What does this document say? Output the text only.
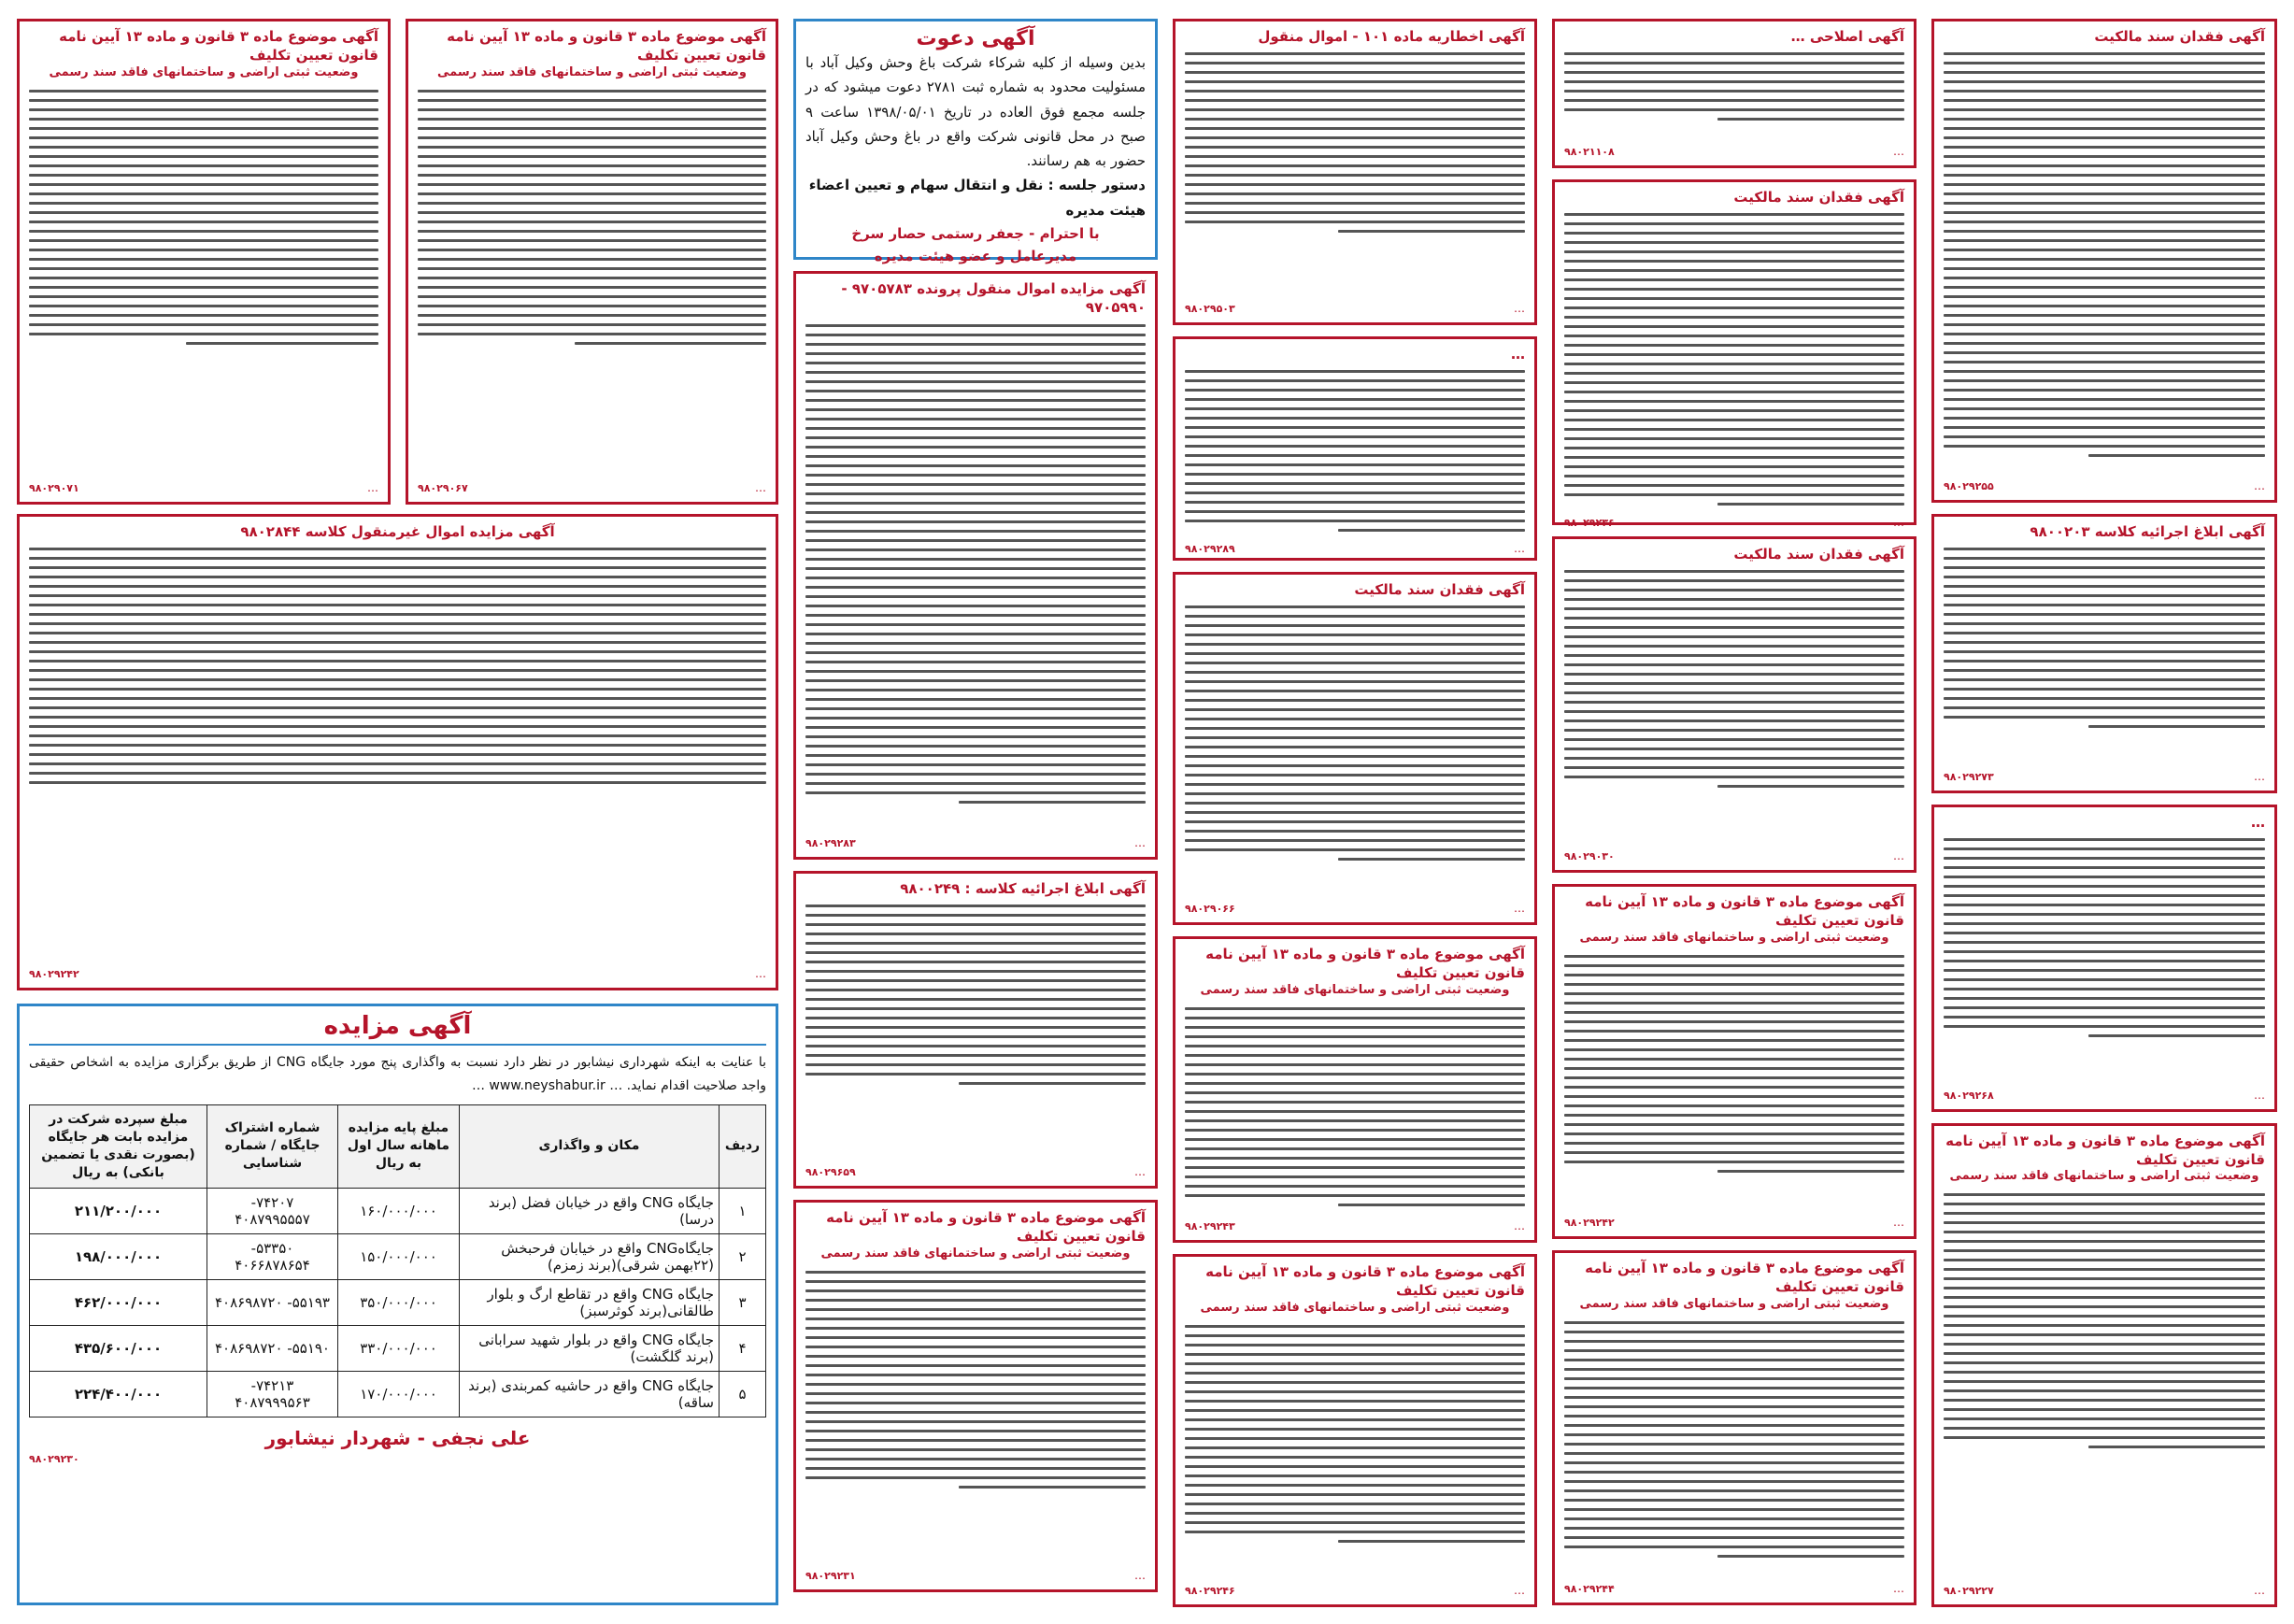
آگهی فقدان سند مالکیت
…
۹۸۰۲۹۲۵۵
آگهی ابلاغ اجرائیه کلاسه ۹۸۰۰۲۰۳
…
۹۸۰۲۹۲۷۳
…
…
۹۸۰۲۹۲۶۸
آگهی موضوع ماده ۳ قانون و ماده ۱۳ آیین نامه قانون تعیین تکلیف
وضعیت ثبتی اراضی و ساختمانهای فاقد سند رسمی
…
۹۸۰۲۹۲۲۷
آگهی اصلاحی …
…
۹۸۰۲۱۱۰۸
آگهی فقدان سند مالکیت
…
۹۸۰۲۹۲۳۶
آگهی فقدان سند مالکیت
…
۹۸۰۲۹۰۳۰
آگهی موضوع ماده ۳ قانون و ماده ۱۳ آیین نامه قانون تعیین تکلیف
وضعیت ثبتی اراضی و ساختمانهای فاقد سند رسمی
…
۹۸۰۲۹۲۴۲
آگهی موضوع ماده ۳ قانون و ماده ۱۳ آیین نامه قانون تعیین تکلیف
وضعیت ثبتی اراضی و ساختمانهای فاقد سند رسمی
…
۹۸۰۲۹۲۴۴
آگهی اخطاریه ماده ۱۰۱ - اموال منقول
…
۹۸۰۲۹۵۰۳
…
…
۹۸۰۲۹۲۸۹
آگهی فقدان سند مالکیت
…
۹۸۰۲۹۰۶۶
آگهی موضوع ماده ۳ قانون و ماده ۱۳ آیین نامه قانون تعیین تکلیف
وضعیت ثبتی اراضی و ساختمانهای فاقد سند رسمی
…
۹۸۰۲۹۲۴۳
آگهی موضوع ماده ۳ قانون و ماده ۱۳ آیین نامه قانون تعیین تکلیف
وضعیت ثبتی اراضی و ساختمانهای فاقد سند رسمی
…
۹۸۰۲۹۲۴۶
آگهی دعوت
بدین وسیله از کلیه شرکاء شرکت باغ وحش وکیل آباد با مسئولیت محدود به شماره ثبت ۲۷۸۱ دعوت میشود که در جلسه مجمع فوق العاده در تاریخ ۱۳۹۸/۰۵/۰۱ ساعت ۹ صبح در محل قانونی شرکت واقع در باغ وحش وکیل آباد حضور به هم رسانند.
دستور جلسه : نقل و انتقال سهام و تعیین اعضاء هیئت مدیره
با احترام - جعفر رستمی حصار سرخ
مدیرعامل و عضو هیئت مدیره
آگهی مزایده اموال منقول پرونده ۹۷۰۵۷۸۳ - ۹۷۰۵۹۹۰
…
۹۸۰۲۹۲۸۳
آگهی ابلاغ اجرائیه کلاسه : ۹۸۰۰۲۴۹
…
۹۸۰۲۹۶۵۹
آگهی موضوع ماده ۳ قانون و ماده ۱۳ آیین نامه قانون تعیین تکلیف
وضعیت ثبتی اراضی و ساختمانهای فاقد سند رسمی
…
۹۸۰۲۹۲۳۱
آگهی موضوع ماده ۳ قانون و ماده ۱۳ آیین نامه قانون تعیین تکلیف
وضعیت ثبتی اراضی و ساختمانهای فاقد سند رسمی
…
۹۸۰۲۹۰۷۱
آگهی موضوع ماده ۳ قانون و ماده ۱۳ آیین نامه قانون تعیین تکلیف
وضعیت ثبتی اراضی و ساختمانهای فاقد سند رسمی
…
۹۸۰۲۹۰۶۷
آگهی مزایده اموال غیرمنقول کلاسه ۹۸۰۲۸۴۴
…
۹۸۰۲۹۲۴۲
آگهی مزایده
با عنایت به اینکه شهرداری نیشابور در نظر دارد نسبت به واگذاری پنج مورد جایگاه CNG از طریق برگزاری مزایده به اشخاص حقیقی واجد صلاحیت اقدام نماید. … www.neyshabur.ir …
ردیف	مکان و واگذاری	مبلغ پایه مزایده ماهانه سال اول به ریال	شماره اشتراک جایگاه / شماره شناسایی	مبلغ سپرده شرکت در مزایده بابت هر جایگاه (بصورت نقدی یا تضمین بانکی) به ریال
۱	جایگاه CNG واقع در خیابان فضل (برند درسا)	۱۶۰/۰۰۰/۰۰۰	۷۴۲۰۷- ۴۰۸۷۹۹۵۵۵۷	۲۱۱/۲۰۰/۰۰۰
۲	جایگاهCNG واقع در خیابان فرحبخش (۲۲بهمن شرقی)(برند زمزم)	۱۵۰/۰۰۰/۰۰۰	۵۳۳۵۰- ۴۰۶۶۸۷۸۶۵۴	۱۹۸/۰۰۰/۰۰۰
۳	جایگاه CNG واقع در تقاطع ارگ و بلوار طالقانی(برند کوثرسبز)	۳۵۰/۰۰۰/۰۰۰	۵۵۱۹۳- ۴۰۸۶۹۸۷۲۰	۴۶۲/۰۰۰/۰۰۰
۴	جایگاه CNG واقع در بلوار شهید سرابانی (برند گلگشت)	۳۳۰/۰۰۰/۰۰۰	۵۵۱۹۰- ۴۰۸۶۹۸۷۲۰	۴۳۵/۶۰۰/۰۰۰
۵	جایگاه CNG واقع در حاشیه کمربندی (برند ساقه)	۱۷۰/۰۰۰/۰۰۰	۷۴۲۱۳- ۴۰۸۷۹۹۹۵۶۳	۲۲۴/۴۰۰/۰۰۰
علی نجفی - شهردار نیشابور
۹۸۰۲۹۲۳۰
